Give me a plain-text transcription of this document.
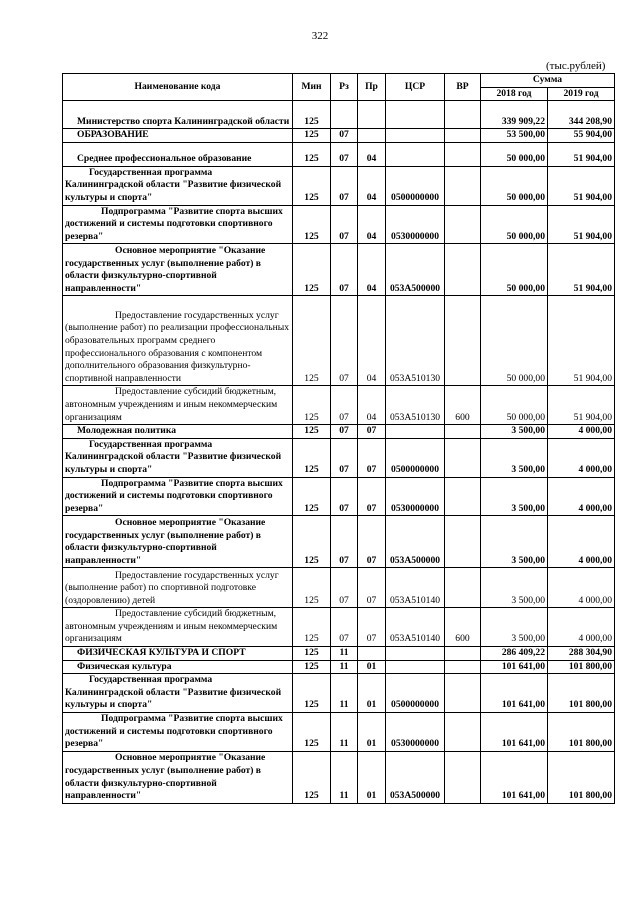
322
(тыс.рублей)
Наименование кода	Мин	Рз	Пр	ЦСР	ВР	Сумма	
						2018 год	2019 год
Министерство спорта Калининградской области	125					339 909,22	344 208,90
ОБРАЗОВАНИЕ	125	07				53 500,00	55 904,00
Среднее профессиональное образование	125	07	04			50 000,00	51 904,00
Государственная программа Калининградской области "Развитие физической культуры и спорта"	125	07	04	0500000000		50 000,00	51 904,00
Подпрограмма "Развитие спорта высших достижений и системы подготовки спортивного резерва"	125	07	04	0530000000		50 000,00	51 904,00
Основное мероприятие "Оказание государственных услуг (выполнение работ) в области физкультурно-спортивной направленности"	125	07	04	053А500000		50 000,00	51 904,00
Предоставление государственных услуг (выполнение работ) по реализации профессиональных образовательных программ среднего профессионального образования с компонентом дополнительного образования физкультурно-спортивной направленности	125	07	04	053А510130		50 000,00	51 904,00
Предоставление субсидий бюджетным, автономным учреждениям и иным некоммерческим организациям	125	07	04	053А510130	600	50 000,00	51 904,00
Молодежная политика	125	07	07			3 500,00	4 000,00
Государственная программа Калининградской области "Развитие физической культуры и спорта"	125	07	07	0500000000		3 500,00	4 000,00
Подпрограмма "Развитие спорта высших достижений и системы подготовки спортивного резерва"	125	07	07	0530000000		3 500,00	4 000,00
Основное мероприятие "Оказание государственных услуг (выполнение работ) в области физкультурно-спортивной направленности"	125	07	07	053А500000		3 500,00	4 000,00
Предоставление государственных услуг (выполнение работ) по спортивной подготовке (оздоровлению) детей	125	07	07	053А510140		3 500,00	4 000,00
Предоставление субсидий бюджетным, автономным учреждениям и иным некоммерческим организациям	125	07	07	053А510140	600	3 500,00	4 000,00
ФИЗИЧЕСКАЯ КУЛЬТУРА И СПОРТ	125	11				286 409,22	288 304,90
Физическая культура	125	11	01			101 641,00	101 800,00
Государственная программа Калининградской области "Развитие физической культуры и спорта"	125	11	01	0500000000		101 641,00	101 800,00
Подпрограмма "Развитие спорта высших достижений и системы подготовки спортивного резерва"	125	11	01	0530000000		101 641,00	101 800,00
Основное мероприятие "Оказание государственных услуг (выполнение работ) в области физкультурно-спортивной направленности"	125	11	01	053А500000		101 641,00	101 800,00
